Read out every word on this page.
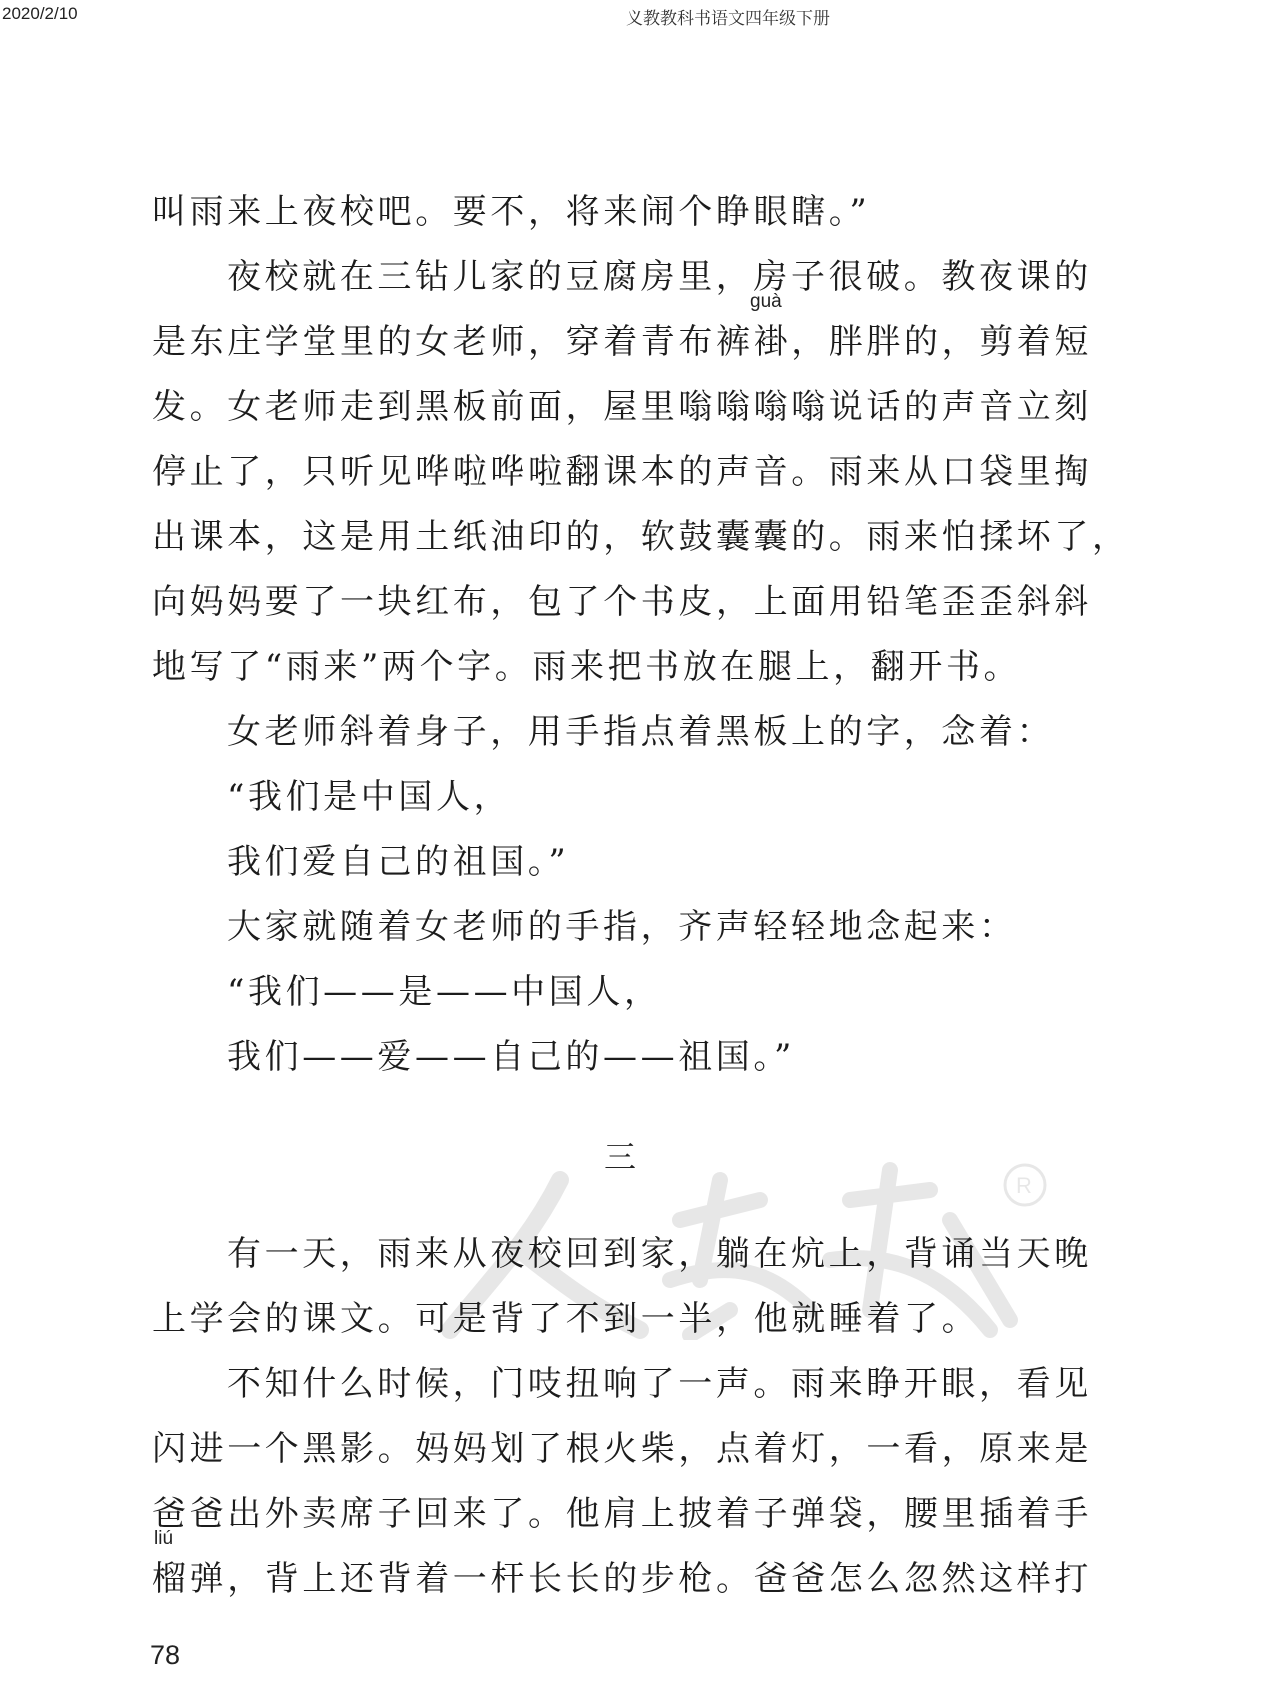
2020/2/10	义教教科书语文四年级下册
R
叫雨来上夜校吧。要不，将来闹个睁眼瞎。”
夜校就在三钻儿家的豆腐房里，房子很破。教夜课的
guà
是东庄学堂里的女老师，穿着青布裤褂，胖胖的，剪着短
发。女老师走到黑板前面，屋里嗡嗡嗡嗡说话的声音立刻
停止了，只听见哗啦哗啦翻课本的声音。雨来从口袋里掏
出课本，这是用土纸油印的，软鼓囊囊的。雨来怕揉坏了，
向妈妈要了一块红布，包了个书皮，上面用铅笔歪歪斜斜
地写了“雨来”两个字。雨来把书放在腿上，翻开书。
女老师斜着身子，用手指点着黑板上的字，念着：
“我们是中国人，
我们爱自己的祖国。”
大家就随着女老师的手指，齐声轻轻地念起来：
“我们——是——中国人，
我们——爱——自己的——祖国。”
三
有一天，雨来从夜校回到家，躺在炕上，背诵当天晚
上学会的课文。可是背了不到一半，他就睡着了。
不知什么时候，门吱扭响了一声。雨来睁开眼，看见
闪进一个黑影。妈妈划了根火柴，点着灯，一看，原来是
爸爸出外卖席子回来了。他肩上披着子弹袋，腰里插着手
liú
榴弹，背上还背着一杆长长的步枪。爸爸怎么忽然这样打
78
